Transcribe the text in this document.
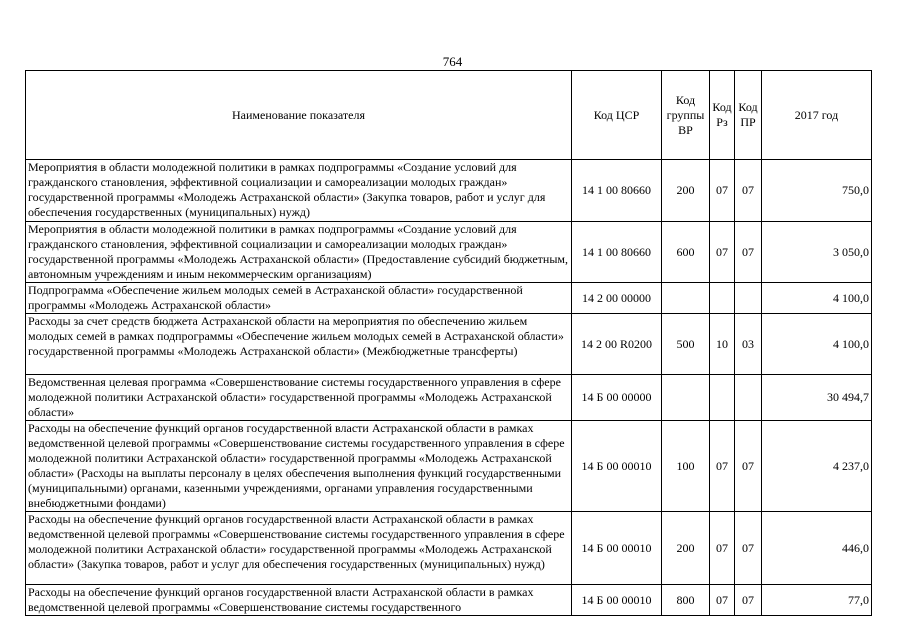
764
Наименование показателя	Код ЦСР	Код группы ВР	Код Рз	Код ПР	2017 год
Мероприятия в области молодежной политики в рамках подпрограммы «Создание условий для гражданского становления, эффективной социализации и самореализации молодых граждан» государственной программы «Молодежь Астраханской области» (Закупка товаров, работ и услуг для обеспечения государственных (муниципальных) нужд)	14 1 00 80660	200	07	07	750,0
Мероприятия в области молодежной политики в рамках подпрограммы «Создание условий для гражданского становления, эффективной социализации и самореализации молодых граждан» государственной программы «Молодежь Астраханской области» (Предоставление субсидий бюджетным, автономным учреждениям и иным некоммерческим организациям)	14 1 00 80660	600	07	07	3 050,0
Подпрограмма «Обеспечение жильем молодых семей в Астраханской области» государственной программы «Молодежь Астраханской области»	14 2 00 00000				4 100,0
Расходы за счет средств бюджета Астраханской области на мероприятия по обеспечению жильем молодых семей в рамках подпрограммы «Обеспечение жильем молодых семей в Астраханской области» государственной программы «Молодежь Астраханской области» (Межбюджетные трансферты)	14 2 00 R0200	500	10	03	4 100,0
Ведомственная целевая программа «Совершенствование системы государственного управления в сфере молодежной политики Астраханской области» государственной программы «Молодежь Астраханской области»	14 Б 00 00000				30 494,7
Расходы на обеспечение функций органов государственной власти Астраханской области в рамках ведомственной целевой программы «Совершенствование системы государственного управления в сфере молодежной политики Астраханской области» государственной программы «Молодежь Астраханской области» (Расходы на выплаты персоналу в целях обеспечения выполнения функций государственными (муниципальными) органами, казенными учреждениями, органами управления государственными внебюджетными фондами)	14 Б 00 00010	100	07	07	4 237,0
Расходы на обеспечение функций органов государственной власти Астраханской области в рамках ведомственной целевой программы «Совершенствование системы государственного управления в сфере молодежной политики Астраханской области» государственной программы «Молодежь Астраханской области» (Закупка товаров, работ и услуг для обеспечения государственных (муниципальных) нужд)	14 Б 00 00010	200	07	07	446,0
Расходы на обеспечение функций органов государственной власти Астраханской области в рамках ведомственной целевой программы «Совершенствование системы государственного	14 Б 00 00010	800	07	07	77,0
